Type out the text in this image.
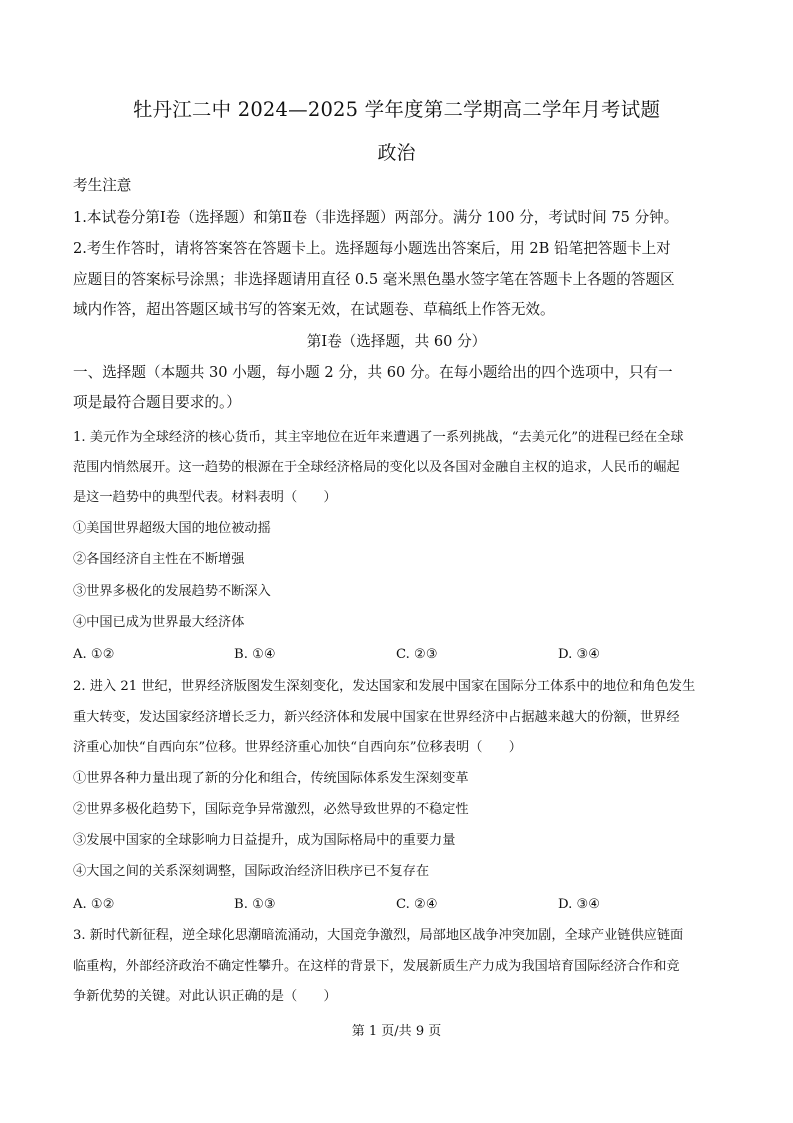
牡丹江二中 2024—2025 学年度第二学期高二学年月考试题
政治
考生注意
1.本试卷分第Ⅰ卷（选择题）和第Ⅱ卷（非选择题）两部分。满分 100 分，考试时间 75 分钟。
2.考生作答时，请将答案答在答题卡上。选择题每小题选出答案后，用 2B 铅笔把答题卡上对
应题目的答案标号涂黑；非选择题请用直径 0.5 毫米黑色墨水签字笔在答题卡上各题的答题区
域内作答，超出答题区域书写的答案无效，在试题卷、草稿纸上作答无效。
第Ⅰ卷（选择题，共 60 分）
一、选择题（本题共 30 小题，每小题 2 分，共 60 分。在每小题给出的四个选项中，只有一
项是最符合题目要求的。）
1. 美元作为全球经济的核心货币，其主宰地位在近年来遭遇了一系列挑战，“去美元化”的进程已经在全球
范围内悄然展开。这一趋势的根源在于全球经济格局的变化以及各国对金融自主权的追求，人民币的崛起
是这一趋势中的典型代表。材料表明（　　）
①美国世界超级大国的地位被动摇
②各国经济自主性在不断增强
③世界多极化的发展趋势不断深入
④中国已成为世界最大经济体
A. ①②	B. ①④	C. ②③	D. ③④
2. 进入 21 世纪，世界经济版图发生深刻变化，发达国家和发展中国家在国际分工体系中的地位和角色发生
重大转变，发达国家经济增长乏力，新兴经济体和发展中国家在世界经济中占据越来越大的份额，世界经
济重心加快“自西向东”位移。世界经济重心加快“自西向东”位移表明（　　）
①世界各种力量出现了新的分化和组合，传统国际体系发生深刻变革
②世界多极化趋势下，国际竞争异常激烈，必然导致世界的不稳定性
③发展中国家的全球影响力日益提升，成为国际格局中的重要力量
④大国之间的关系深刻调整，国际政治经济旧秩序已不复存在
A. ①②	B. ①③	C. ②④	D. ③④
3. 新时代新征程，逆全球化思潮暗流涌动，大国竞争激烈，局部地区战争冲突加剧，全球产业链供应链面
临重构，外部经济政治不确定性攀升。在这样的背景下，发展新质生产力成为我国培育国际经济合作和竞
争新优势的关键。对此认识正确的是（　　）
第 1 页/共 9 页
